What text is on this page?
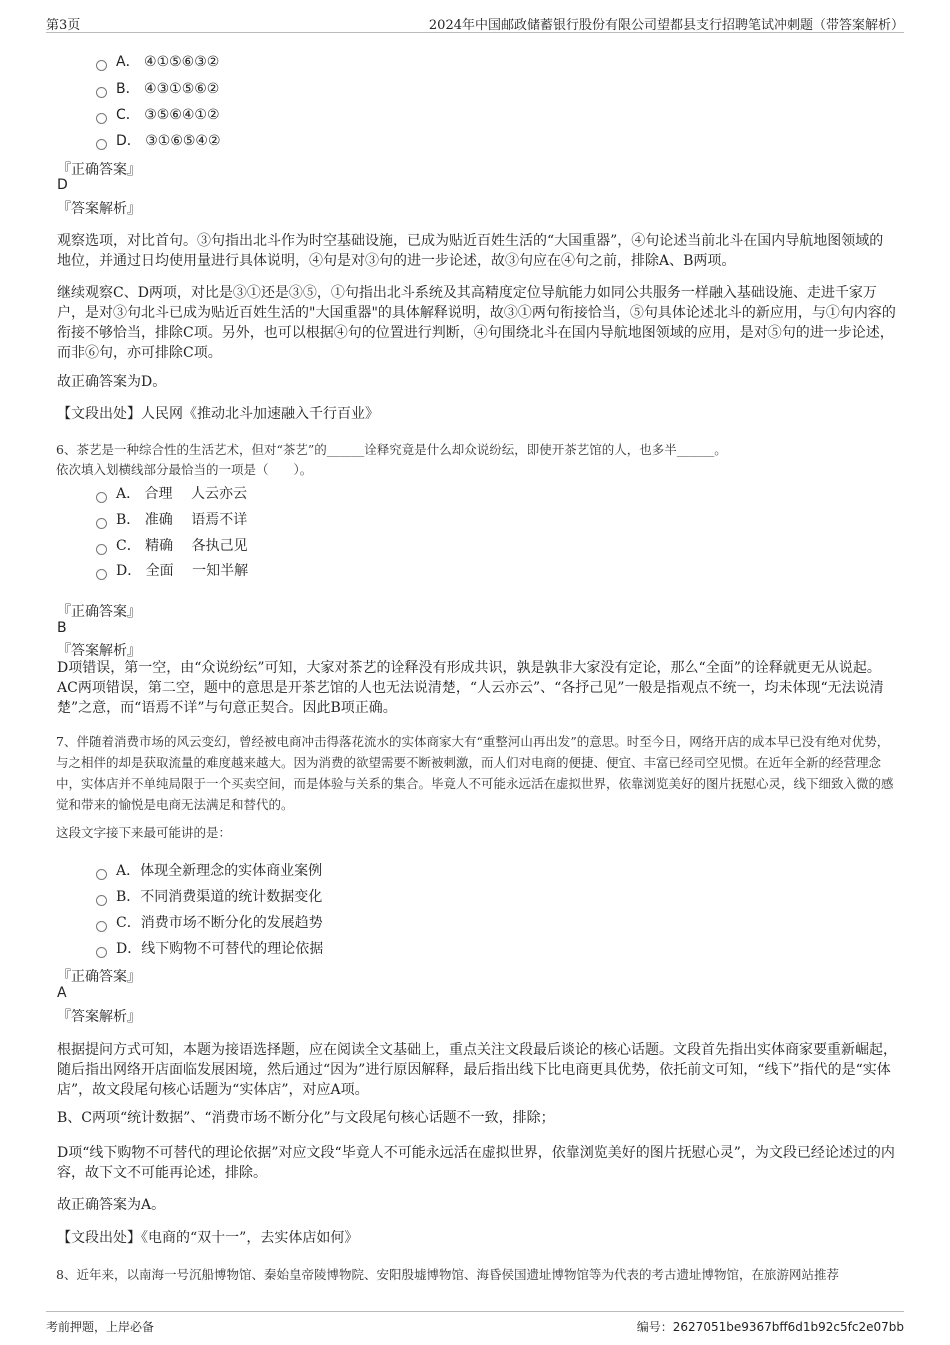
第3页	2024年中国邮政储蓄银行股份有限公司望都县支行招聘笔试冲刺题（带答案解析）
A． ④①⑤⑥③②
B． ④③①⑤⑥②
C． ③⑤⑥④①②
D． ③①⑥⑤④②
『正确答案』
D
『答案解析』
观察选项，对比首句。③句指出北斗作为时空基础设施，已成为贴近百姓生活的“大国重器”，④句论述当前北斗在国内导航地图领域的地位，并通过日均使用量进行具体说明，④句是对③句的进一步论述，故③句应在④句之前，排除A、B两项。
继续观察C、D两项，对比是③①还是③⑤，①句指出北斗系统及其高精度定位导航能力如同公共服务一样融入基础设施、走进千家万户，是对③句北斗已成为贴近百姓生活的"大国重器"的具体解释说明，故③①两句衔接恰当，⑤句具体论述北斗的新应用，与①句内容的衔接不够恰当，排除C项。另外，也可以根据④句的位置进行判断，④句围绕北斗在国内导航地图领域的应用，是对⑤句的进一步论述，而非⑥句，亦可排除C项。
故正确答案为D。
【文段出处】人民网《推动北斗加速融入千行百业》
6、茶艺是一种综合性的生活艺术，但对“茶艺”的______诠释究竟是什么却众说纷纭，即使开茶艺馆的人，也多半______。
依次填入划横线部分最恰当的一项是（　　）。
A． 合理　 人云亦云
B． 准确　 语焉不详
C． 精确　 各执己见
D． 全面　 一知半解
『正确答案』
B
『答案解析』
D项错误，第一空，由“众说纷纭”可知，大家对茶艺的诠释没有形成共识，孰是孰非大家没有定论，那么“全面”的诠释就更无从说起。AC两项错误，第二空，题中的意思是开茶艺馆的人也无法说清楚，“人云亦云”、“各抒己见”一般是指观点不统一，均未体现“无法说清楚”之意，而“语焉不详”与句意正契合。因此B项正确。
7、伴随着消费市场的风云变幻，曾经被电商冲击得落花流水的实体商家大有“重整河山再出发”的意思。时至今日，网络开店的成本早已没有绝对优势，与之相伴的却是获取流量的难度越来越大。因为消费的欲望需要不断被刺激，而人们对电商的便捷、便宜、丰富已经司空见惯。在近年全新的经营理念中，实体店并不单纯局限于一个买卖空间，而是体验与关系的集合。毕竟人不可能永远活在虚拟世界，依靠浏览美好的图片抚慰心灵，线下细致入微的感觉和带来的愉悦是电商无法满足和替代的。
这段文字接下来最可能讲的是：
A．体现全新理念的实体商业案例
B．不同消费渠道的统计数据变化
C．消费市场不断分化的发展趋势
D．线下购物不可替代的理论依据
『正确答案』
A
『答案解析』
根据提问方式可知，本题为接语选择题，应在阅读全文基础上，重点关注文段最后谈论的核心话题。文段首先指出实体商家要重新崛起，随后指出网络开店面临发展困境，然后通过“因为”进行原因解释，最后指出线下比电商更具优势，依托前文可知，“线下”指代的是“实体店”，故文段尾句核心话题为“实体店”，对应A项。
B、C两项“统计数据”、“消费市场不断分化”与文段尾句核心话题不一致，排除；
D项“线下购物不可替代的理论依据”对应文段“毕竟人不可能永远活在虚拟世界，依靠浏览美好的图片抚慰心灵”，为文段已经论述过的内容，故下文不可能再论述，排除。
故正确答案为A。
【文段出处】《电商的“双十一”，去实体店如何》
8、近年来，以南海一号沉船博物馆、秦始皇帝陵博物院、安阳殷墟博物馆、海昏侯国遗址博物馆等为代表的考古遗址博物馆，在旅游网站推荐
考前押题，上岸必备	编号：2627051be9367bff6d1b92c5fc2e07bb
